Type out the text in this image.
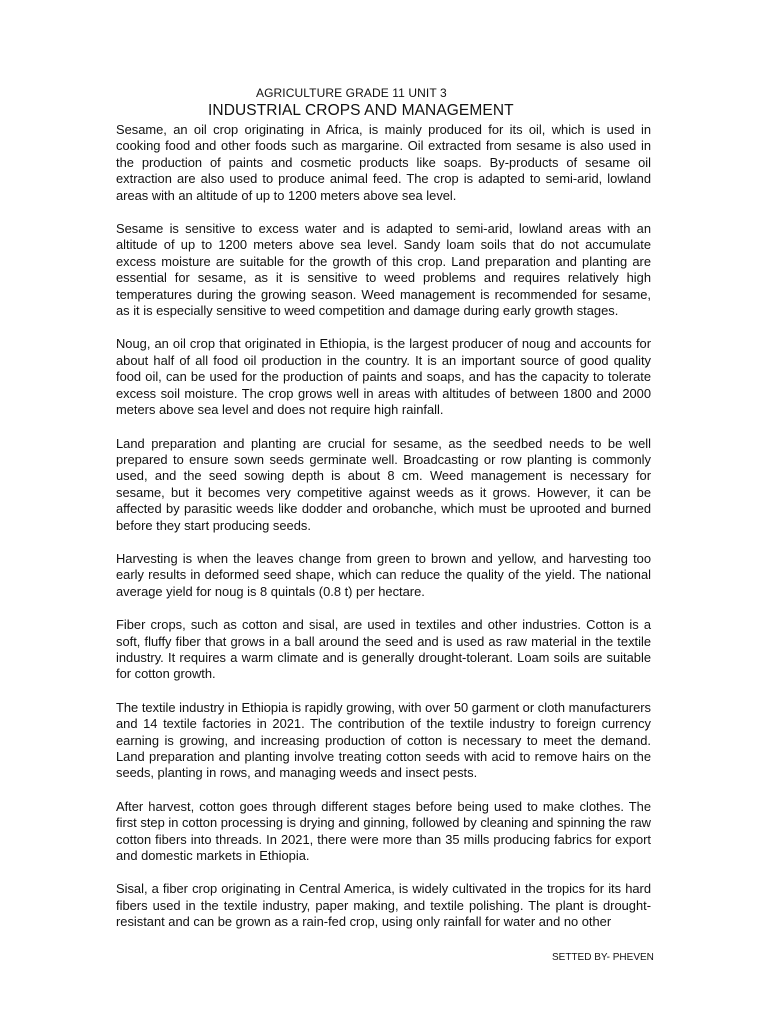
AGRICULTURE GRADE 11 UNIT 3
INDUSTRIAL CROPS AND MANAGEMENT

Sesame, an oil crop originating in Africa, is mainly produced for its oil, which is used in cooking food and other foods such as margarine. Oil extracted from sesame is also used in the production of paints and cosmetic products like soaps. By-products of sesame oil extraction are also used to produce animal feed. The crop is adapted to semi-arid, lowland areas with an altitude of up to 1200 meters above sea level.

Sesame is sensitive to excess water and is adapted to semi-arid, lowland areas with an altitude of up to 1200 meters above sea level. Sandy loam soils that do not accumulate excess moisture are suitable for the growth of this crop. Land preparation and planting are essential for sesame, as it is sensitive to weed problems and requires relatively high temperatures during the growing season. Weed management is recommended for sesame, as it is especially sensitive to weed competition and damage during early growth stages.

Noug, an oil crop that originated in Ethiopia, is the largest producer of noug and accounts for about half of all food oil production in the country. It is an important source of good quality food oil, can be used for the production of paints and soaps, and has the capacity to tolerate excess soil moisture. The crop grows well in areas with altitudes of between 1800 and 2000 meters above sea level and does not require high rainfall.

Land preparation and planting are crucial for sesame, as the seedbed needs to be well prepared to ensure sown seeds germinate well. Broadcasting or row planting is commonly used, and the seed sowing depth is about 8 cm. Weed management is necessary for sesame, but it becomes very competitive against weeds as it grows. However, it can be affected by parasitic weeds like dodder and orobanche, which must be uprooted and burned before they start producing seeds.

Harvesting is when the leaves change from green to brown and yellow, and harvesting too early results in deformed seed shape, which can reduce the quality of the yield. The national average yield for noug is 8 quintals (0.8 t) per hectare.

Fiber crops, such as cotton and sisal, are used in textiles and other industries. Cotton is a soft, fluffy fiber that grows in a ball around the seed and is used as raw material in the textile industry. It requires a warm climate and is generally drought-tolerant. Loam soils are suitable for cotton growth.

The textile industry in Ethiopia is rapidly growing, with over 50 garment or cloth manufacturers and 14 textile factories in 2021. The contribution of the textile industry to foreign currency earning is growing, and increasing production of cotton is necessary to meet the demand. Land preparation and planting involve treating cotton seeds with acid to remove hairs on the seeds, planting in rows, and managing weeds and insect pests.

After harvest, cotton goes through different stages before being used to make clothes. The first step in cotton processing is drying and ginning, followed by cleaning and spinning the raw cotton fibers into threads. In 2021, there were more than 35 mills producing fabrics for export and domestic markets in Ethiopia.

Sisal, a fiber crop originating in Central America, is widely cultivated in the tropics for its hard fibers used in the textile industry, paper making, and textile polishing. The plant is drought-resistant and can be grown as a rain-fed crop, using only rainfall for water and no other

SETTED BY- PHEVEN
